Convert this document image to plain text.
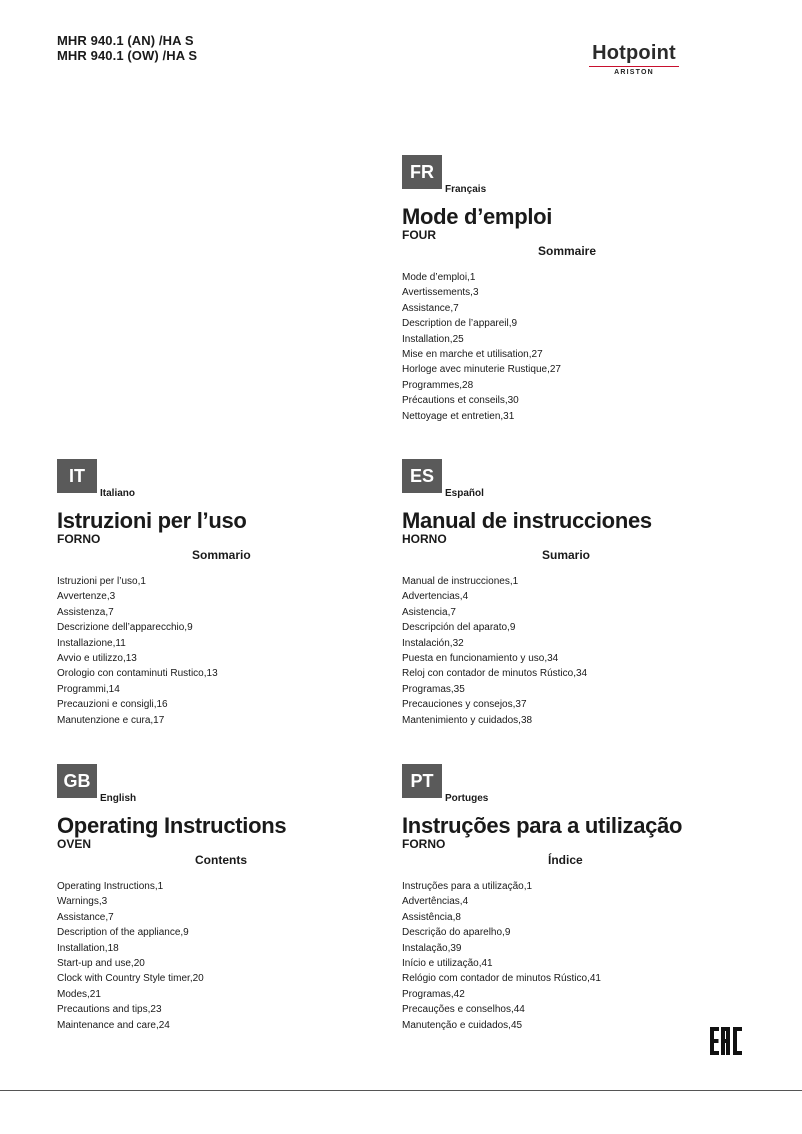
MHR 940.1 (AN) /HA S
MHR 940.1 (OW) /HA S	Hotpoint
ARISTON
FR
Français
Mode d’emploi
FOUR
Sommaire
Mode d’emploi,1
Avertissements,3
Assistance,7
Description de l’appareil,9
Installation,25
Mise en marche et utilisation,27
Horloge avec minuterie Rustique,27
Programmes,28
Précautions et conseils,30
Nettoyage et entretien,31
IT
Italiano
Istruzioni per l’uso
FORNO
Sommario
Istruzioni per l’uso,1
Avvertenze,3
Assistenza,7
Descrizione dell’apparecchio,9
Installazione,11
Avvio e utilizzo,13
Orologio con contaminuti Rustico,13
Programmi,14
Precauzioni e consigli,16
Manutenzione e cura,17
ES
Español
Manual de instrucciones
HORNO
Sumario
Manual de instrucciones,1
Advertencias,4
Asistencia,7
Descripción del aparato,9
Instalación,32
Puesta en funcionamiento y uso,34
Reloj con contador de minutos Rústico,34
Programas,35
Precauciones y consejos,37
Mantenimiento y cuidados,38
GB
English
Operating Instructions
OVEN
Contents
Operating Instructions,1
Warnings,3
Assistance,7
Description of the appliance,9
Installation,18
Start-up and use,20
Clock with Country Style timer,20
Modes,21
Precautions and tips,23
Maintenance and care,24
PT
Portuges
Instruções para a utilização
FORNO
Índice
Instruções para a utilização,1
Advertências,4
Assistência,8
Descrição do aparelho,9
Instalação,39
Início e utilização,41
Relógio com contador de minutos Rústico,41
Programas,42
Precauções e conselhos,44
Manutenção e cuidados,45
